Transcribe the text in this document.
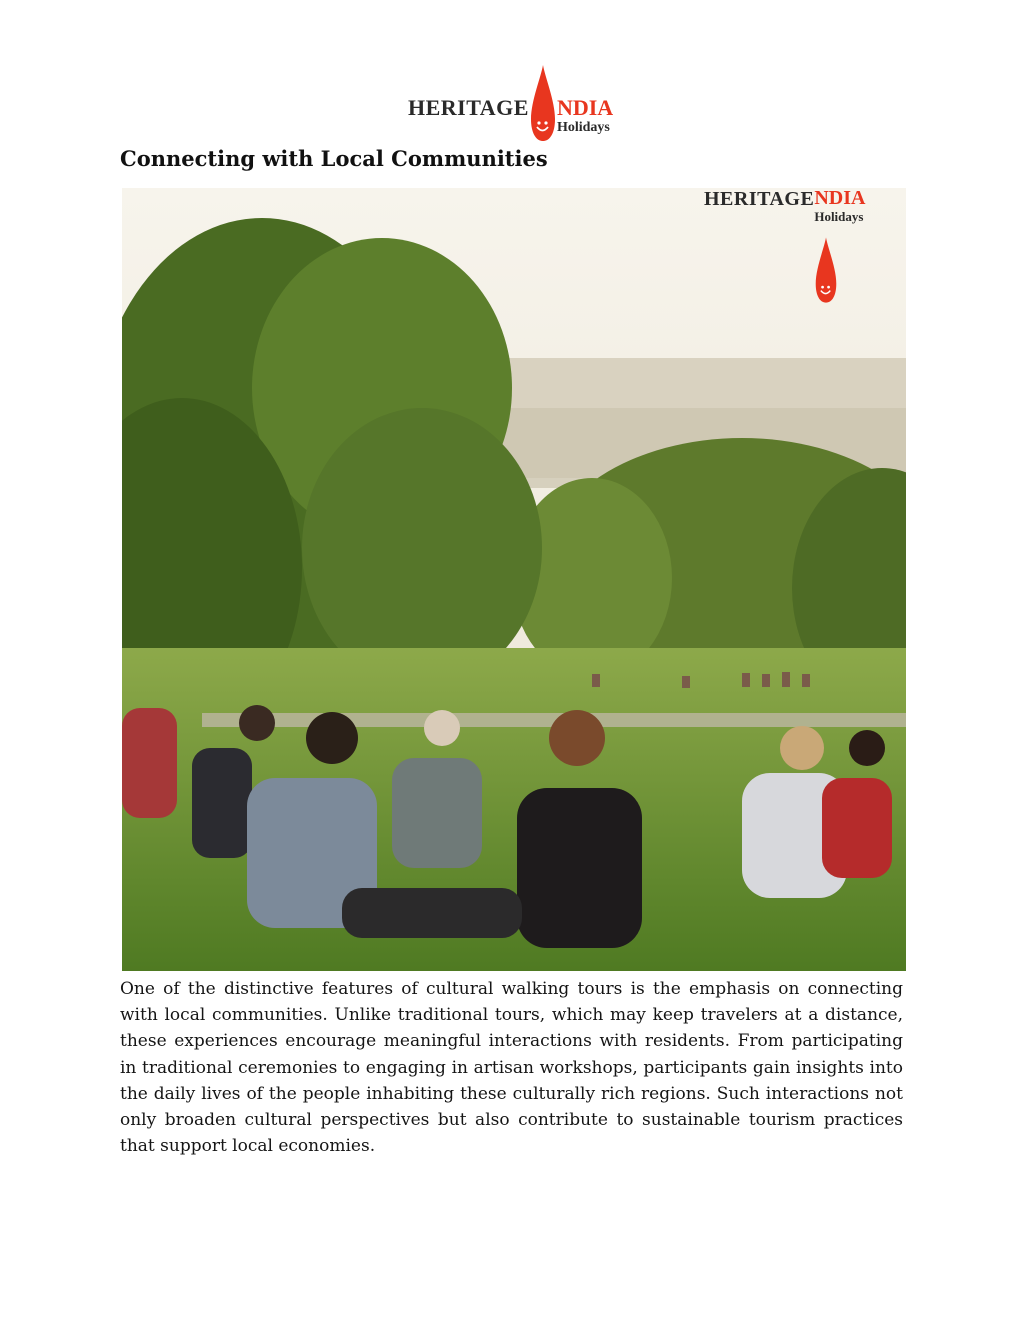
HERITAGE NDIA
Holidays
Connecting with Local Communities
HERITAGE NDIA
Holidays

One of the distinctive features of cultural walking tours is the emphasis on connecting with local communities. Unlike traditional tours, which may keep travelers at a distance, these experiences encourage meaningful interactions with residents. From participating in traditional ceremonies to engaging in artisan workshops, participants gain insights into the daily lives of the people inhabiting these culturally rich regions. Such interactions not only broaden cultural perspectives but also contribute to sustainable tourism practices that support local economies.
